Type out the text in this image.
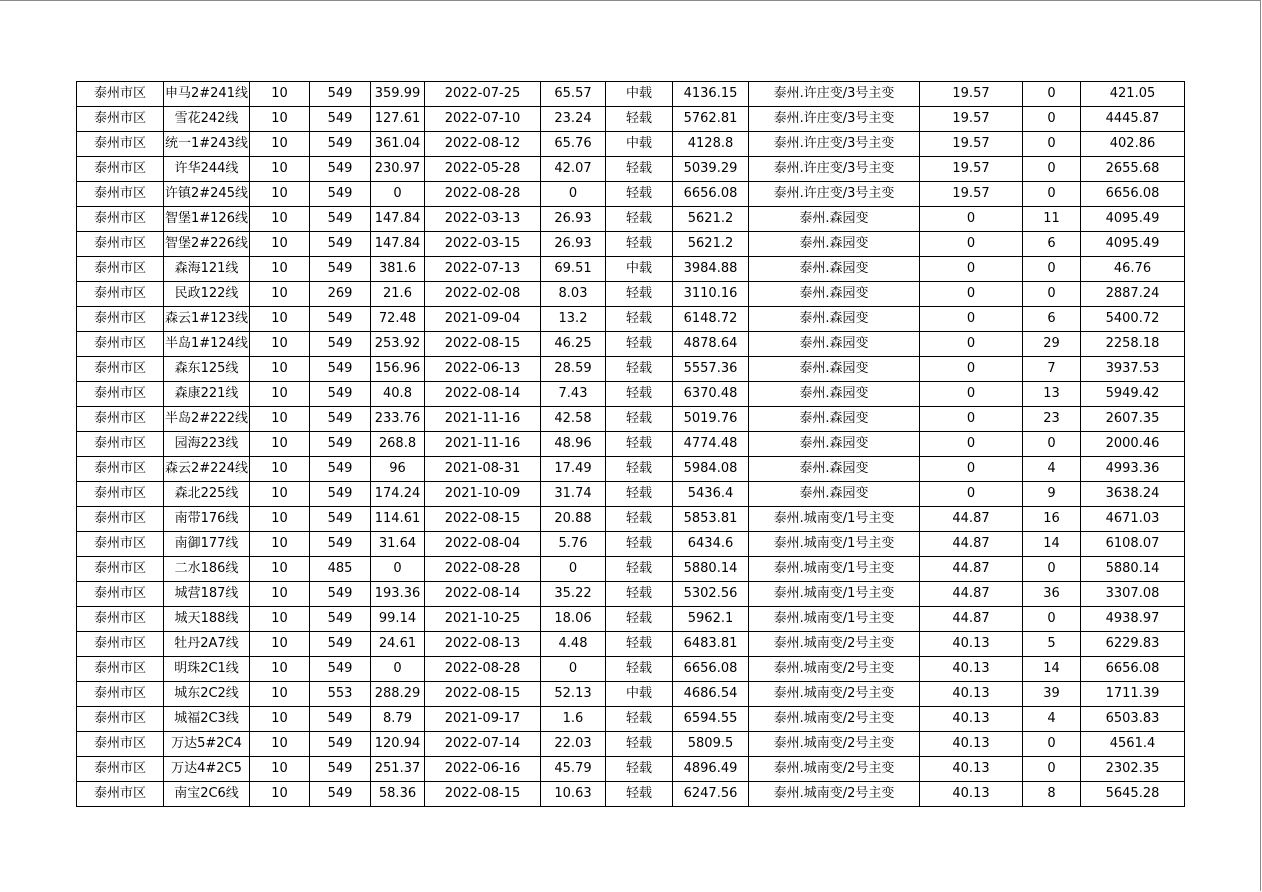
泰州市区	申马2#241线	10	549	359.99	2022-07-25	65.57	中载	4136.15	泰州.许庄变/3号主变	19.57	0	421.05
泰州市区	雪花242线	10	549	127.61	2022-07-10	23.24	轻载	5762.81	泰州.许庄变/3号主变	19.57	0	4445.87
泰州市区	统一1#243线	10	549	361.04	2022-08-12	65.76	中载	4128.8	泰州.许庄变/3号主变	19.57	0	402.86
泰州市区	许华244线	10	549	230.97	2022-05-28	42.07	轻载	5039.29	泰州.许庄变/3号主变	19.57	0	2655.68
泰州市区	许镇2#245线	10	549	0	2022-08-28	0	轻载	6656.08	泰州.许庄变/3号主变	19.57	0	6656.08
泰州市区	智堡1#126线	10	549	147.84	2022-03-13	26.93	轻载	5621.2	泰州.森园变	0	11	4095.49
泰州市区	智堡2#226线	10	549	147.84	2022-03-15	26.93	轻载	5621.2	泰州.森园变	0	6	4095.49
泰州市区	森海121线	10	549	381.6	2022-07-13	69.51	中载	3984.88	泰州.森园变	0	0	46.76
泰州市区	民政122线	10	269	21.6	2022-02-08	8.03	轻载	3110.16	泰州.森园变	0	0	2887.24
泰州市区	森云1#123线	10	549	72.48	2021-09-04	13.2	轻载	6148.72	泰州.森园变	0	6	5400.72
泰州市区	半岛1#124线	10	549	253.92	2022-08-15	46.25	轻载	4878.64	泰州.森园变	0	29	2258.18
泰州市区	森东125线	10	549	156.96	2022-06-13	28.59	轻载	5557.36	泰州.森园变	0	7	3937.53
泰州市区	森康221线	10	549	40.8	2022-08-14	7.43	轻载	6370.48	泰州.森园变	0	13	5949.42
泰州市区	半岛2#222线	10	549	233.76	2021-11-16	42.58	轻载	5019.76	泰州.森园变	0	23	2607.35
泰州市区	园海223线	10	549	268.8	2021-11-16	48.96	轻载	4774.48	泰州.森园变	0	0	2000.46
泰州市区	森云2#224线	10	549	96	2021-08-31	17.49	轻载	5984.08	泰州.森园变	0	4	4993.36
泰州市区	森北225线	10	549	174.24	2021-10-09	31.74	轻载	5436.4	泰州.森园变	0	9	3638.24
泰州市区	南带176线	10	549	114.61	2022-08-15	20.88	轻载	5853.81	泰州.城南变/1号主变	44.87	16	4671.03
泰州市区	南御177线	10	549	31.64	2022-08-04	5.76	轻载	6434.6	泰州.城南变/1号主变	44.87	14	6108.07
泰州市区	二水186线	10	485	0	2022-08-28	0	轻载	5880.14	泰州.城南变/1号主变	44.87	0	5880.14
泰州市区	城营187线	10	549	193.36	2022-08-14	35.22	轻载	5302.56	泰州.城南变/1号主变	44.87	36	3307.08
泰州市区	城天188线	10	549	99.14	2021-10-25	18.06	轻载	5962.1	泰州.城南变/1号主变	44.87	0	4938.97
泰州市区	牡丹2A7线	10	549	24.61	2022-08-13	4.48	轻载	6483.81	泰州.城南变/2号主变	40.13	5	6229.83
泰州市区	明珠2C1线	10	549	0	2022-08-28	0	轻载	6656.08	泰州.城南变/2号主变	40.13	14	6656.08
泰州市区	城东2C2线	10	553	288.29	2022-08-15	52.13	中载	4686.54	泰州.城南变/2号主变	40.13	39	1711.39
泰州市区	城福2C3线	10	549	8.79	2021-09-17	1.6	轻载	6594.55	泰州.城南变/2号主变	40.13	4	6503.83
泰州市区	万达5#2C4	10	549	120.94	2022-07-14	22.03	轻载	5809.5	泰州.城南变/2号主变	40.13	0	4561.4
泰州市区	万达4#2C5	10	549	251.37	2022-06-16	45.79	轻载	4896.49	泰州.城南变/2号主变	40.13	0	2302.35
泰州市区	南宝2C6线	10	549	58.36	2022-08-15	10.63	轻载	6247.56	泰州.城南变/2号主变	40.13	8	5645.28
